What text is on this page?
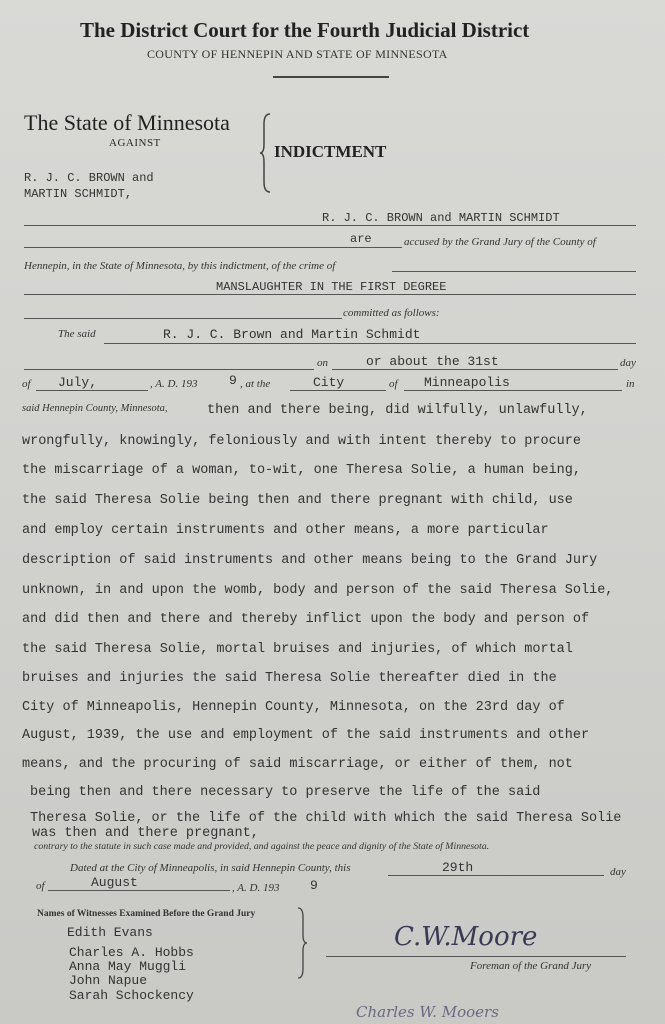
The District Court for the Fourth Judicial District
COUNTY OF HENNEPIN AND STATE OF MINNESOTA
The State of Minnesota
AGAINST
R. J. C. BROWN and
MARTIN SCHMIDT,
INDICTMENT
R. J. C. BROWN and MARTIN SCHMIDT
are	accused by the Grand Jury of the County of
Hennepin, in the State of Minnesota, by this indictment, of the crime of
MANSLAUGHTER IN THE FIRST DEGREE
committed as follows:
The said	R. J. C. Brown and Martin Schmidt
on	or about the 31st	day
of July,	, A. D. 193 9 , at the	City	of Minneapolis	in
said Hennepin County, Minnesota,	then and there being, did wilfully, unlawfully,
wrongfully, knowingly, feloniously and with intent thereby to procure
the miscarriage of a woman, to-wit, one Theresa Solie, a human being,
the said Theresa Solie being then and there pregnant with child, use
and employ certain instruments and other means, a more particular
description of said instruments and other means being to the Grand Jury
unknown, in and upon the womb, body and person of the said Theresa Solie,
and did then and there and thereby inflict upon the body and person of
the said Theresa Solie, mortal bruises and injuries, of which mortal
bruises and injuries the said Theresa Solie thereafter died in the
City of Minneapolis, Hennepin County, Minnesota, on the 23rd day of
August, 1939, the use and employment of the said instruments and other
means, and the procuring of said miscarriage, or either of them, not
being then and there necessary to preserve the life of the said
Theresa Solie, or the life of the child with which the said Theresa Solie
was then and there pregnant,
contrary to the statute in such case made and provided, and against the peace and dignity of the State of Minnesota.
Dated at the City of Minneapolis, in said Hennepin County, this	29th	day
of	August	, A. D. 193 9
Names of Witnesses Examined Before the Grand Jury
Edith Evans
Charles A. Hobbs
Anna May Muggli
John Napue
Sarah Schockency
C.W.Moore
Foreman of the Grand Jury
Charles W. Mooers
